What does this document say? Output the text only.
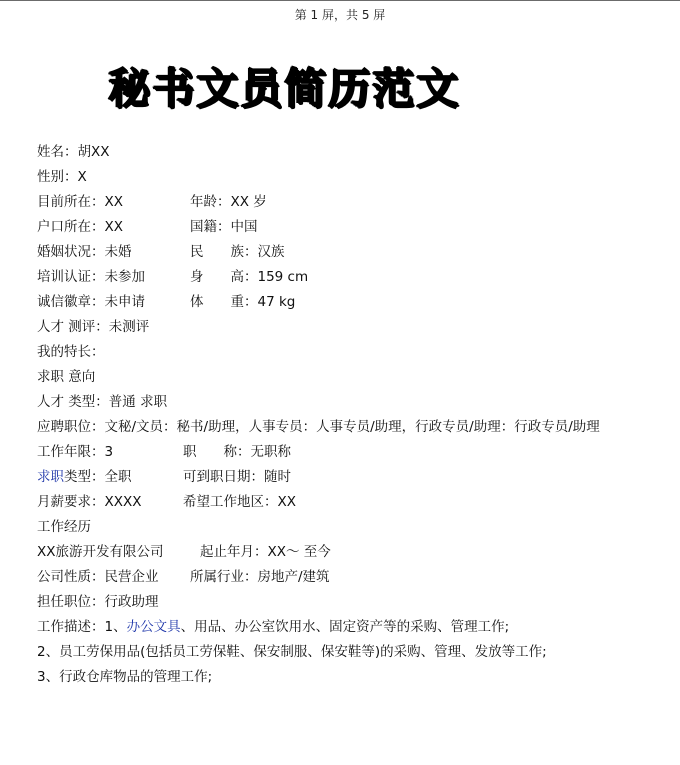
第 1 屏，共 5 屏
秘书文员简历范文
姓名：胡XX
性别：X
目前所在：XX	年龄：XX 岁
户口所在：XX	国籍：中国
婚姻状况：未婚	民　　族：汉族
培训认证：未参加	身　　高：159 cm
诚信徽章：未申请	体　　重：47 kg
人才 测评：未测评
我的特长：
求职 意向
人才 类型：普通 求职
应聘职位：文秘/文员：秘书/助理，人事专员：人事专员/助理，行政专员/助理：行政专员/助理
工作年限：3	职　　称：无职称
求职类型：全职	可到职日期：随时
月薪要求：XXXX	希望工作地区：XX
工作经历
XX旅游开发有限公司	起止年月：XX～ 至今
公司性质：民营企业 所属行业：房地产/建筑
担任职位：行政助理
工作描述：1、办公文具、用品、办公室饮用水、固定资产等的采购、管理工作;
2、员工劳保用品(包括员工劳保鞋、保安制服、保安鞋等)的采购、管理、发放等工作;
3、行政仓库物品的管理工作;
